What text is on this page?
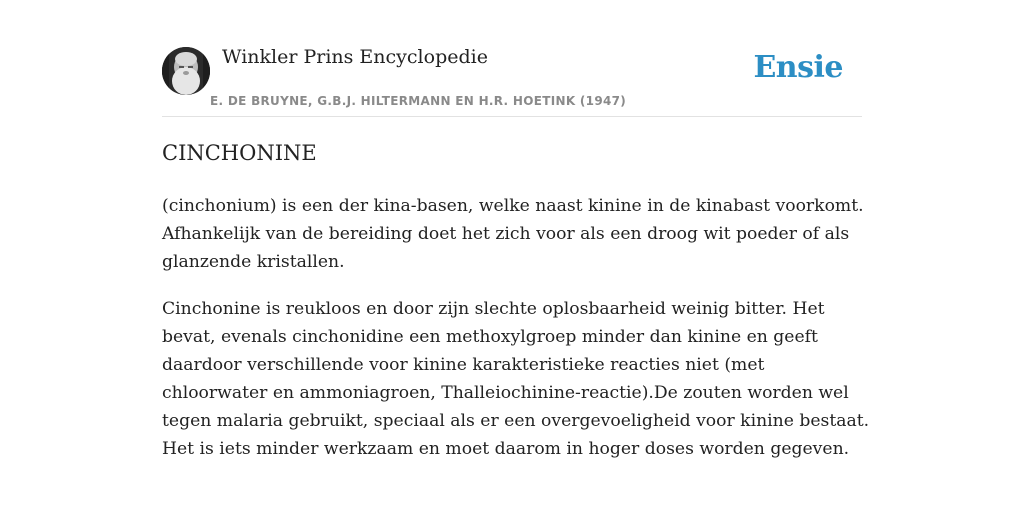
Winkler Prins Encyclopedie
E. DE BRUYNE, G.B.J. HILTERMANN EN H.R. HOETINK (1947)
Ensie
CINCHONINE

(cinchonium) is een der kina-basen, welke naast kinine in de kinabast voorkomt. Afhankelijk van de bereiding doet het zich voor als een droog wit poeder of als glanzende kristallen.

Cinchonine is reukloos en door zijn slechte oplosbaarheid weinig bitter. Het bevat, evenals cinchonidine een methoxylgroep minder dan kinine en geeft daardoor verschillende voor kinine karakteristieke reacties niet (met chloorwater en ammoniagroen, Thalleiochinine-reactie).De zouten worden wel tegen malaria gebruikt, speciaal als er een overgevoeligheid voor kinine bestaat. Het is iets minder werkzaam en moet daarom in hoger doses worden gegeven.
